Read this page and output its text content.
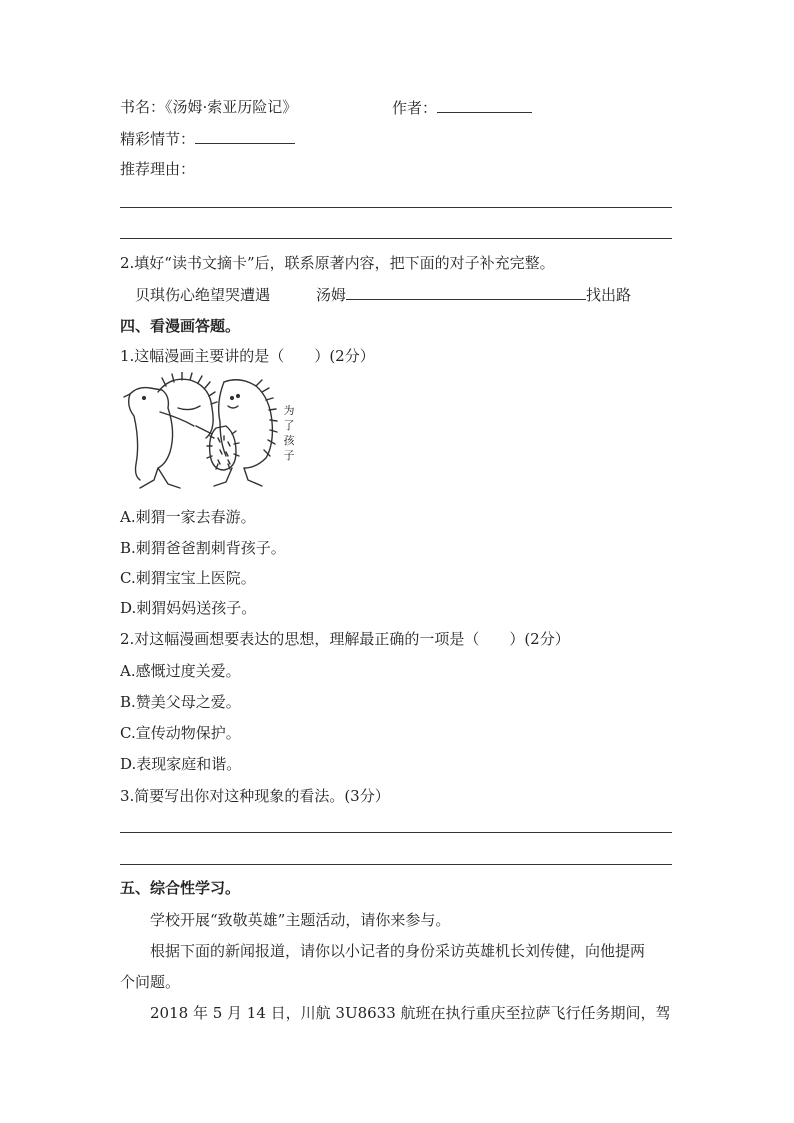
书名：《汤姆·索亚历险记》	作者：
精彩情节：
推荐理由：
2.填好“读书文摘卡”后，联系原著内容，把下面的对子补充完整。
贝琪伤心绝望哭遭遇	汤姆	找出路
四、看漫画答题。
1.这幅漫画主要讲的是（　　）(2分）
为
了
孩
子
A.刺猬一家去春游。
B.刺猬爸爸割刺背孩子。
C.刺猬宝宝上医院。
D.刺猬妈妈送孩子。
2.对这幅漫画想要表达的思想，理解最正确的一项是（　　）(2分）
A.感慨过度关爱。
B.赞美父母之爱。
C.宣传动物保护。
D.表现家庭和谐。
3.简要写出你对这种现象的看法。(3分）
五、综合性学习。
学校开展“致敬英雄”主题活动，请你来参与。
根据下面的新闻报道，请你以小记者的身份采访英雄机长刘传健，向他提两
个问题。
2018 年 5 月 14 日，川航 3U8633 航班在执行重庆至拉萨飞行任务期间，驾
